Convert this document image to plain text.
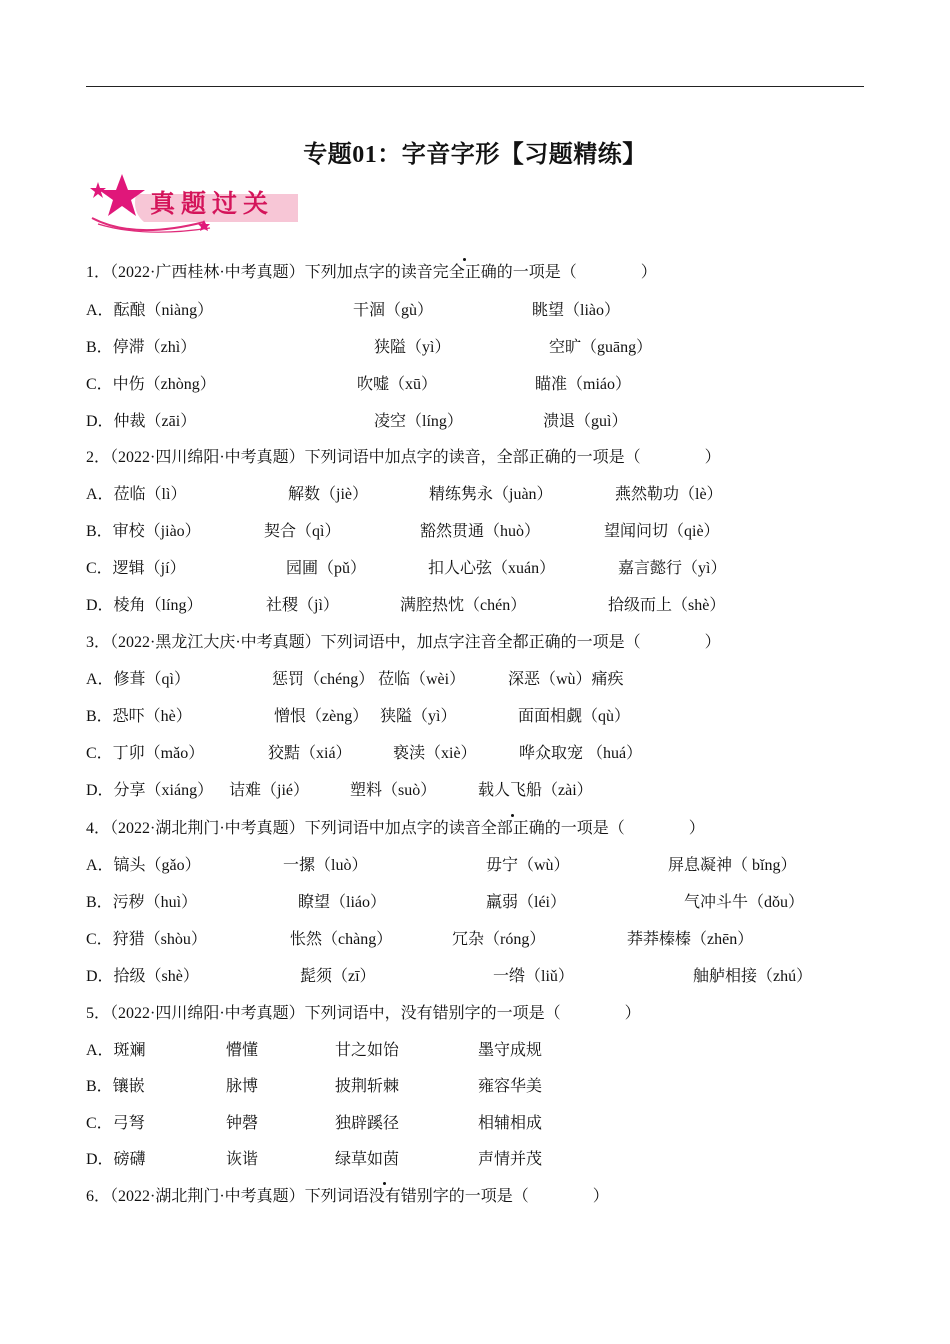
专题01：字音字形【习题精练】
真题过关
1．（2022·广西桂林·中考真题）下列加点字的读音完全正确的一项是（　　　　）
A．酝酿（niàng）	干涸（gù）	眺望（liào）
B．停滞（zhì）	狭隘（yì）	空旷（guāng）
C．中伤（zhòng）	吹嘘（xū）	瞄准（miáo）
D．仲裁（zāi）	凌空（líng）	溃退（guì）
2．（2022·四川绵阳·中考真题）下列词语中加点字的读音，全部正确的一项是（　　　　）
A．莅临（lì）	解数（jiè）	精练隽永（juàn）	燕然勒功（lè）
B．审校（jiào）	契合（qì）	豁然贯通（huò）	望闻问切（qiè）
C．逻辑（jí）	园圃（pǔ）	扣人心弦（xuán）	嘉言懿行（yì）
D．棱角（líng）	社稷（jì）	满腔热忱（chén）	拾级而上（shè）
3．（2022·黑龙江大庆·中考真题）下列词语中，加点字注音全都正确的一项是（　　　　）
A．修葺（qì）	惩罚（chéng） 莅临（wèi）	深恶（wù）痛疾
B．恐吓（hè）	憎恨（zèng） 狭隘（yì）	面面相觑（qù）
C．丁卯（mǎo）	狡黠（xiá）	亵渎（xiè）	哗众取宠 （huá）
D．分享（xiáng） 诘难（jié）	塑料（suò）	载人飞船（zài）
4．（2022·湖北荆门·中考真题）下列词语中加点字的读音全部正确的一项是（　　　　）
A．镐头（gǎo）	一摞（luò）	毋宁（wù）	屏息凝神（ bǐng）
B．污秽（huì）	瞭望（liáo）	羸弱（léi）	气冲斗牛（dǒu）
C．狩猎（shòu）	怅然（chàng）	冗杂（róng）	莽莽榛榛（zhēn）
D．拾级（shè）	髭须（zī）	一绺（liǔ）	舳舻相接（zhú）
5．（2022·四川绵阳·中考真题）下列词语中，没有错别字的一项是（　　　　）
A．斑斓	懵懂	甘之如饴	墨守成规
B．镶嵌	脉博	披荆斩棘	雍容华美
C．弓弩	钟磬	独辟蹊径	相辅相成
D．磅礴	诙谐	绿草如茵	声情并茂
6．（2022·湖北荆门·中考真题）下列词语没有错别字的一项是（　　　　）
